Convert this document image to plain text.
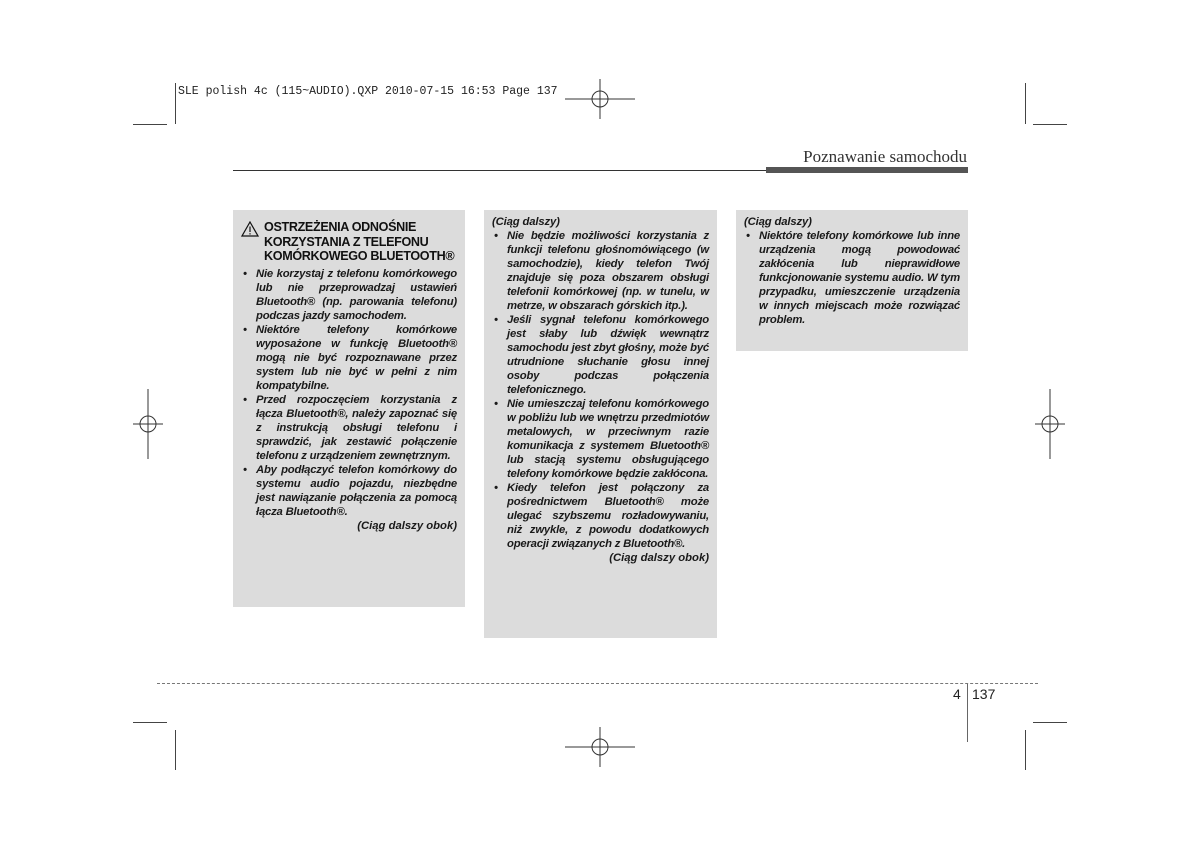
SLE polish 4c (115~AUDIO).QXP 2010-07-15 16:53 Page 137
Poznawanie samochodu
OSTRZEŻENIA ODNOŚNIE KORZYSTANIA Z TELEFONU KOMÓRKOWEGO BLUETOOTH®
• Nie korzystaj z telefonu komórkowego lub nie przeprowadzaj ustawień Bluetooth® (np. parowania telefonu) podczas jazdy samochodem.
• Niektóre telefony komórkowe wyposażone w funkcję Bluetooth® mogą nie być rozpoznawane przez system lub nie być w pełni z nim kompatybilne.
• Przed rozpoczęciem korzystania z łącza Bluetooth®, należy zapoznać się z instrukcją obsługi telefonu i sprawdzić, jak zestawić połączenie telefonu z urządzeniem zewnętrznym.
• Aby podłączyć telefon komórkowy do systemu audio pojazdu, niezbędne jest nawiązanie połączenia za pomocą łącza Bluetooth®.
(Ciąg dalszy obok)
(Ciąg dalszy)
• Nie będzie możliwości korzystania z funkcji telefonu głośnomówiącego (w samochodzie), kiedy telefon Twój znajduje się poza obszarem obsługi telefonii komórkowej (np. w tunelu, w metrze, w obszarach górskich itp.).
• Jeśli sygnał telefonu komórkowego jest słaby lub dźwięk wewnątrz samochodu jest zbyt głośny, może być utrudnione słuchanie głosu innej osoby podczas połączenia telefonicznego.
• Nie umieszczaj telefonu komórkowego w pobliżu lub we wnętrzu przedmiotów metalowych, w przeciwnym razie komunikacja z systemem Bluetooth® lub stacją systemu obsługującego telefony komórkowe będzie zakłócona.
• Kiedy telefon jest połączony za pośrednictwem Bluetooth® może ulegać szybszemu rozładowywaniu, niż zwykle, z powodu dodatkowych operacji związanych z Bluetooth®.
(Ciąg dalszy obok)
(Ciąg dalszy)
• Niektóre telefony komórkowe lub inne urządzenia mogą powodować zakłócenia lub nieprawidłowe funkcjonowanie systemu audio. W tym przypadku, umieszczenie urządzenia w innych miejscach może rozwiązać problem.
4 137
